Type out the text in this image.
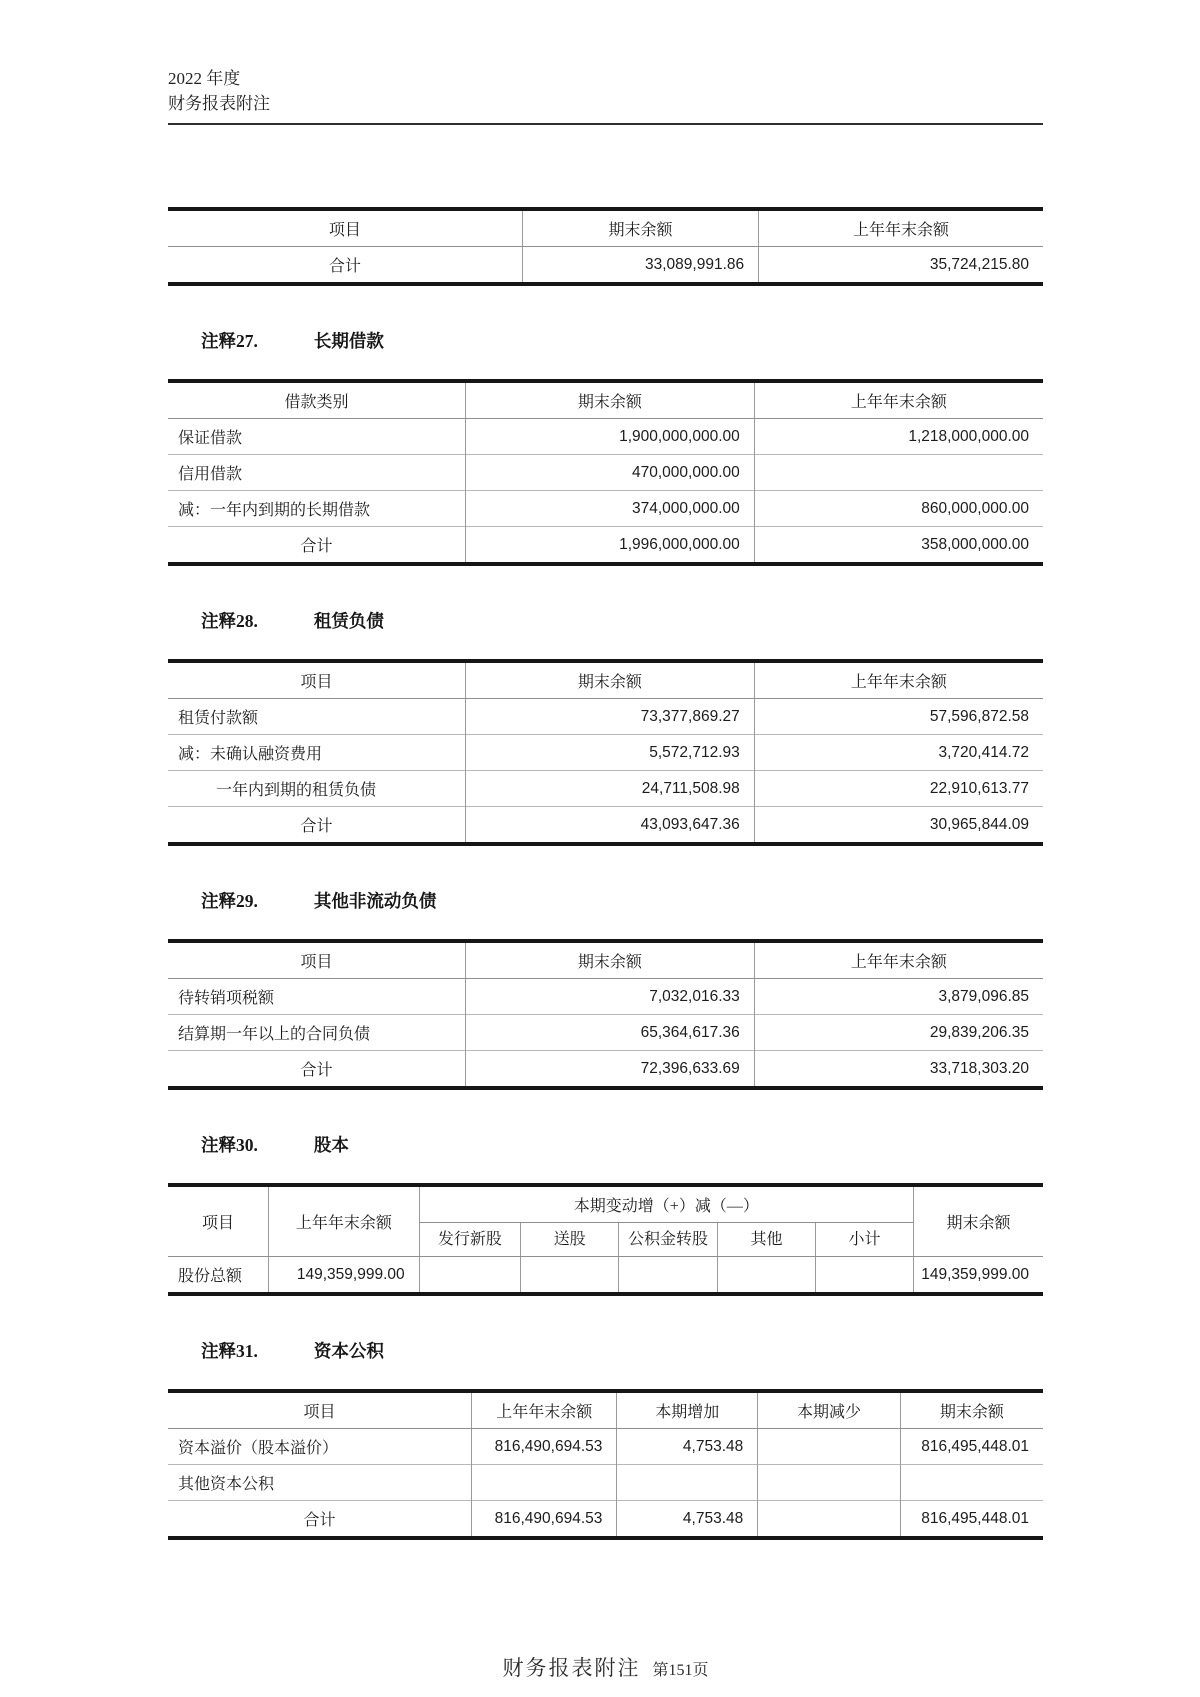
2022 年度
财务报表附注
项目	期末余额	上年年末余额
合计	33,089,991.86	35,724,215.80
注释27.	长期借款
借款类别	期末余额	上年年末余额
保证借款	1,900,000,000.00	1,218,000,000.00
信用借款	470,000,000.00	
减：一年内到期的长期借款	374,000,000.00	860,000,000.00
合计	1,996,000,000.00	358,000,000.00
注释28.	租赁负债
项目	期末余额	上年年末余额
租赁付款额	73,377,869.27	57,596,872.58
减：未确认融资费用	5,572,712.93	3,720,414.72
一年内到期的租赁负债	24,711,508.98	22,910,613.77
合计	43,093,647.36	30,965,844.09
注释29.	其他非流动负债
项目	期末余额	上年年末余额
待转销项税额	7,032,016.33	3,879,096.85
结算期一年以上的合同负债	65,364,617.36	29,839,206.35
合计	72,396,633.69	33,718,303.20
注释30.	股本
项目	上年年末余额	本期变动增（+）减（—）					期末余额
		发行新股	送股	公积金转股	其他	小计	
股份总额	149,359,999.00						149,359,999.00
注释31.	资本公积
项目	上年年末余额	本期增加	本期减少	期末余额
资本溢价（股本溢价）	816,490,694.53	4,753.48		816,495,448.01
其他资本公积				
合计	816,490,694.53	4,753.48		816,495,448.01
财务报表附注 第151页
